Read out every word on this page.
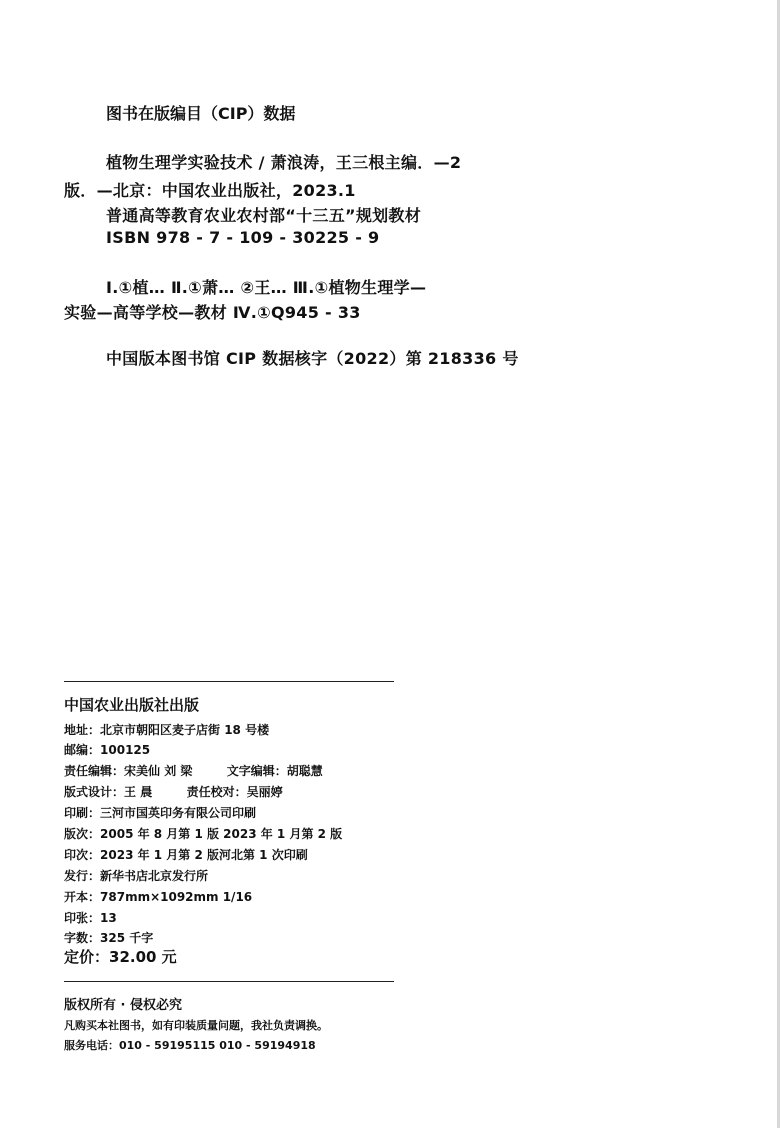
图书在版编目（CIP）数据
植物生理学实验技术 / 萧浪涛，王三根主编．—2
版．—北京：中国农业出版社，2023.1
普通高等教育农业农村部“十三五”规划教材
ISBN 978 - 7 - 109 - 30225 - 9
Ⅰ.①植… Ⅱ.①萧… ②王… Ⅲ.①植物生理学—
实验—高等学校—教材 Ⅳ.①Q945 - 33
中国版本图书馆 CIP 数据核字（2022）第 218336 号
中国农业出版社出版
地址：北京市朝阳区麦子店街 18 号楼
邮编：100125
责任编辑：宋美仙 刘 梁	文字编辑：胡聪慧
版式设计：王 晨	责任校对：吴丽婷
印刷：三河市国英印务有限公司印刷
版次：2005 年 8 月第 1 版 2023 年 1 月第 2 版
印次：2023 年 1 月第 2 版河北第 1 次印刷
发行：新华书店北京发行所
开本：787mm×1092mm 1/16
印张：13
字数：325 千字
定价：32.00 元
版权所有 · 侵权必究
凡购买本社图书，如有印装质量问题，我社负责调换。
服务电话：010 - 59195115 010 - 59194918
